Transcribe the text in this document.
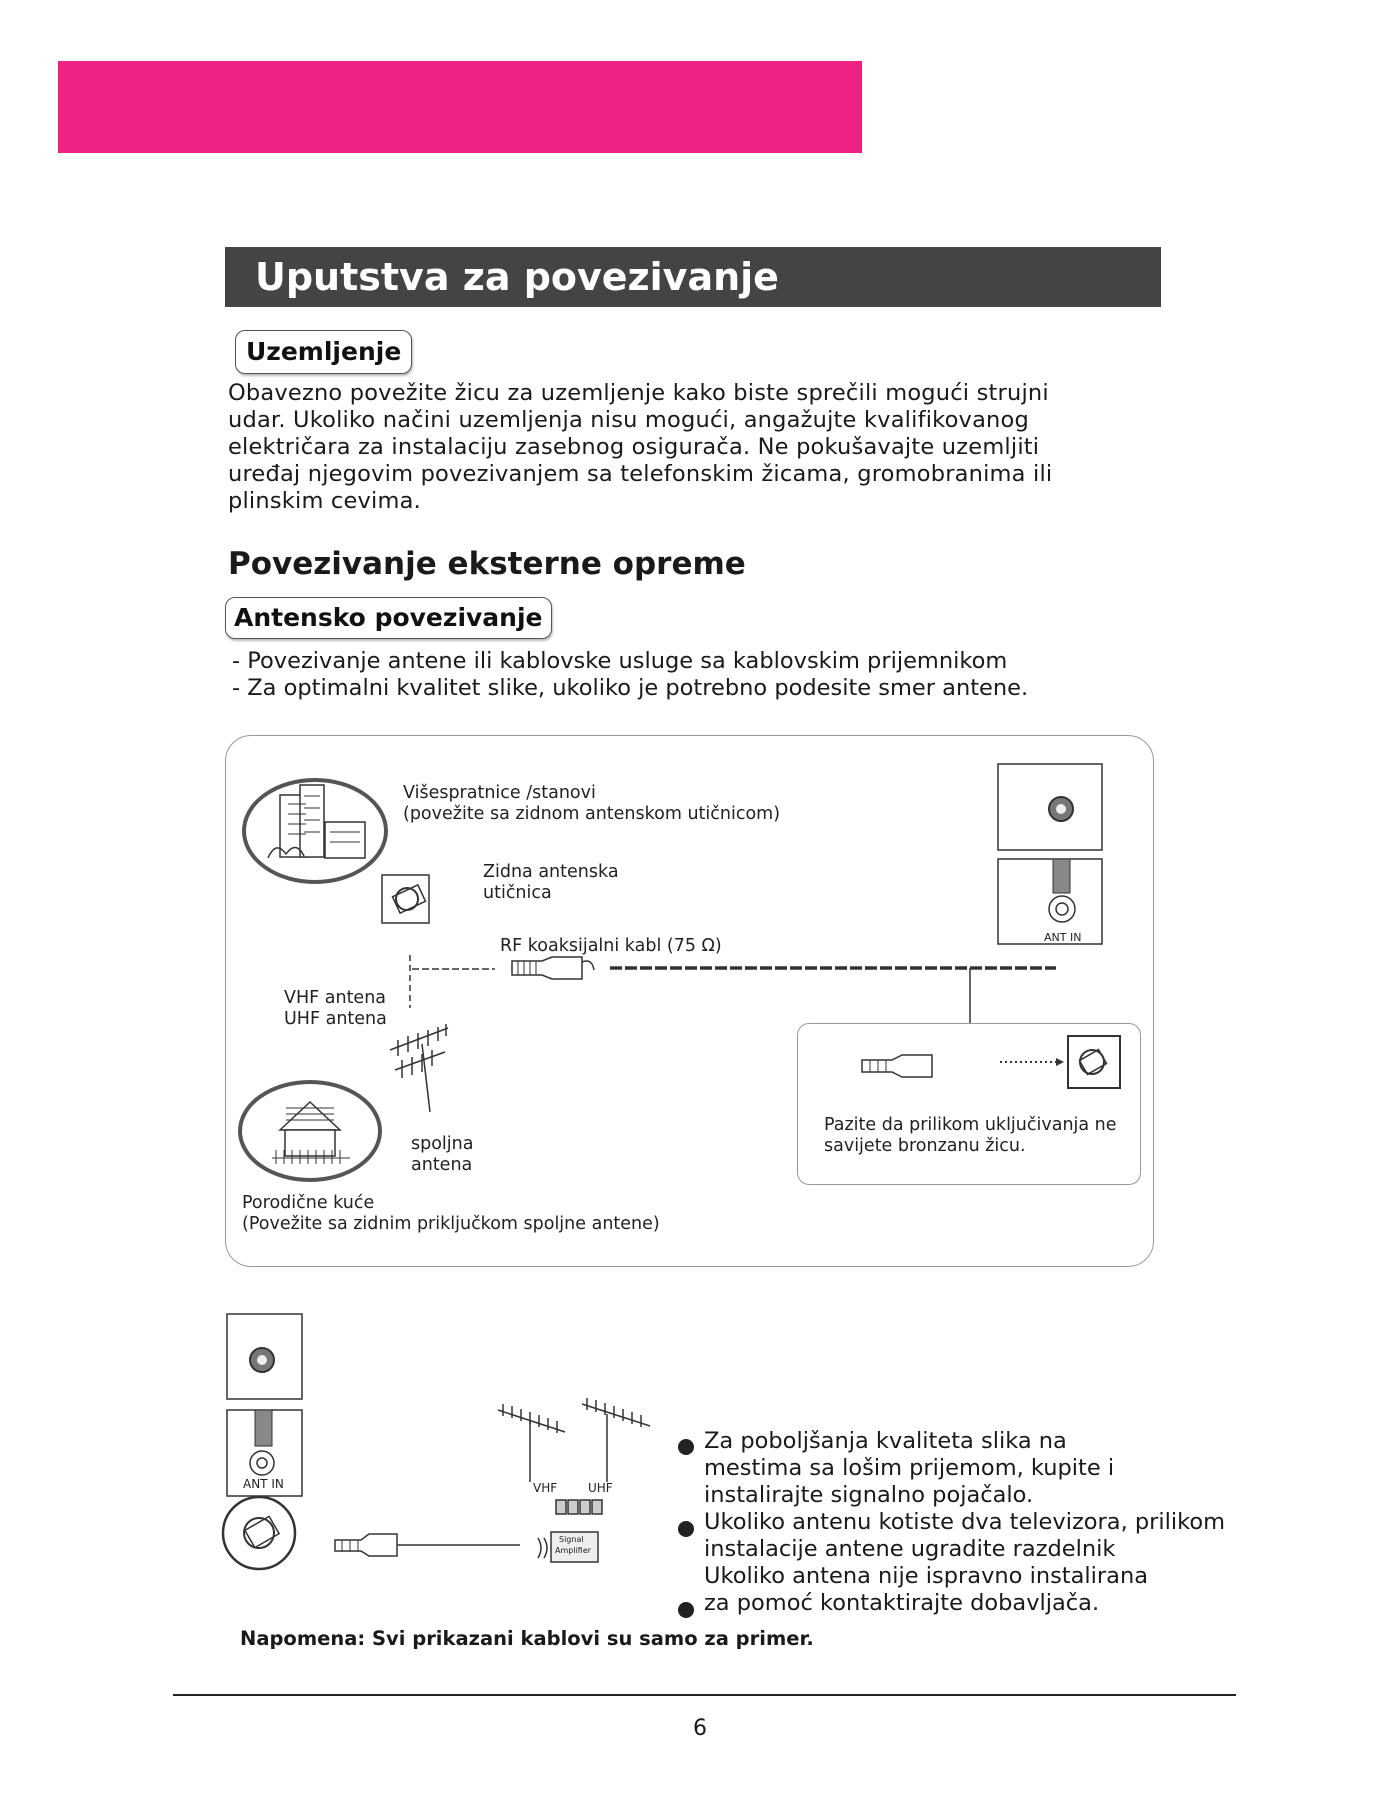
Uputstva za povezivanje
Uzemljenje
Obavezno povežite žicu za uzemljenje kako biste sprečili mogući strujni
udar. Ukoliko načini uzemljenja nisu mogući, angažujte kvalifikovanog
električara za instalaciju zasebnog osigurača. Ne pokušavajte uzemljiti
uređaj njegovim povezivanjem sa telefonskim žicama, gromobranima ili
plinskim cevima.
Povezivanje eksterne opreme
Antensko povezivanje
- Povezivanje antene ili kablovske usluge sa kablovskim prijemnikom
- Za optimalni kvalitet slike, ukoliko je potrebno podesite smer antene.
Višespratnice /stanovi
(povežite sa zidnom antenskom utičnicom)
Zidna antenska
utičnica
RF koaksijalni kabl (75 Ω)
VHF antena
UHF antena
spoljna
antena
Porodične kuće
(Povežite sa zidnim priključkom spoljne antene)
ANT IN
Pazite da prilikom uključivanja ne
savijete bronzanu žicu.
ANT IN	VHF	UHF
Signal
Amplifier
Za poboljšanja kvaliteta slika na
mestima sa lošim prijemom, kupite i
instalirajte signalno pojačalo.
Ukoliko antenu kotiste dva televizora, prilikom
instalacije antene ugradite razdelnik
Ukoliko antena nije ispravno instalirana
za pomoć kontaktirajte dobavljača.
Napomena: Svi prikazani kablovi su samo za primer.
6
